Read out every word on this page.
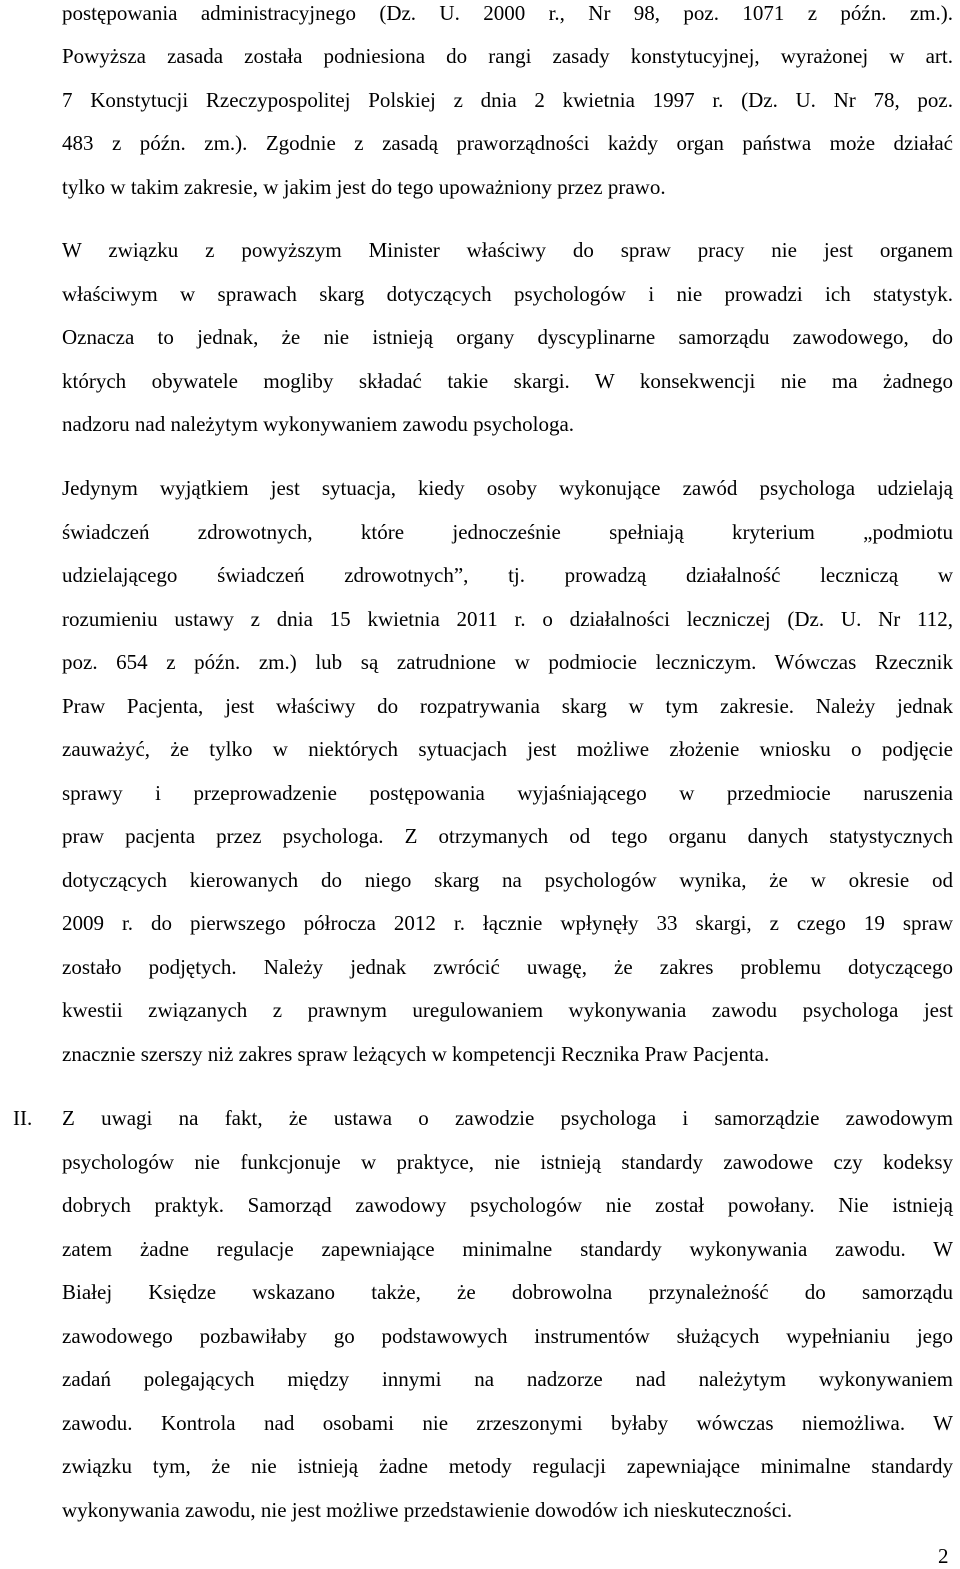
postępowania administracyjnego (Dz. U. 2000 r., Nr 98, poz. 1071 z późn. zm.).
Powyższa zasada została podniesiona do rangi zasady konstytucyjnej, wyrażonej w art.
7 Konstytucji Rzeczypospolitej Polskiej z dnia 2 kwietnia 1997 r. (Dz. U. Nr 78, poz.
483 z późn. zm.). Zgodnie z zasadą praworządności każdy organ państwa może działać
tylko w takim zakresie, w jakim jest do tego upoważniony przez prawo.
W związku z powyższym Minister właściwy do spraw pracy nie jest organem
właściwym w sprawach skarg dotyczących psychologów i nie prowadzi ich statystyk.
Oznacza to jednak, że nie istnieją organy dyscyplinarne samorządu zawodowego, do
których obywatele mogliby składać takie skargi. W konsekwencji nie ma żadnego
nadzoru nad należytym wykonywaniem zawodu psychologa.
Jedynym wyjątkiem jest sytuacja, kiedy osoby wykonujące zawód psychologa udzielają
świadczeń zdrowotnych, które jednocześnie spełniają kryterium „podmiotu
udzielającego świadczeń zdrowotnych”, tj. prowadzą działalność leczniczą w
rozumieniu ustawy z dnia 15 kwietnia 2011 r. o działalności leczniczej (Dz. U. Nr 112,
poz. 654 z późn. zm.) lub są zatrudnione w podmiocie leczniczym. Wówczas Rzecznik
Praw Pacjenta, jest właściwy do rozpatrywania skarg w tym zakresie. Należy jednak
zauważyć, że tylko w niektórych sytuacjach jest możliwe złożenie wniosku o podjęcie
sprawy i przeprowadzenie postępowania wyjaśniającego w przedmiocie naruszenia
praw pacjenta przez psychologa. Z otrzymanych od tego organu danych statystycznych
dotyczących kierowanych do niego skarg na psychologów wynika, że w okresie od
2009 r. do pierwszego półrocza 2012 r. łącznie wpłynęły 33 skargi, z czego 19 spraw
zostało podjętych. Należy jednak zwrócić uwagę, że zakres problemu dotyczącego
kwestii związanych z prawnym uregulowaniem wykonywania zawodu psychologa jest
znacznie szerszy niż zakres spraw leżących w kompetencji Recznika Praw Pacjenta.
II. Z uwagi na fakt, że ustawa o zawodzie psychologa i samorządzie zawodowym
psychologów nie funkcjonuje w praktyce, nie istnieją standardy zawodowe czy kodeksy
dobrych praktyk. Samorząd zawodowy psychologów nie został powołany. Nie istnieją
zatem żadne regulacje zapewniające minimalne standardy wykonywania zawodu. W
Białej Księdze wskazano także, że dobrowolna przynależność do samorządu
zawodowego pozbawiłaby go podstawowych instrumentów służących wypełnianiu jego
zadań polegających między innymi na nadzorze nad należytym wykonywaniem
zawodu. Kontrola nad osobami nie zrzeszonymi byłaby wówczas niemożliwa. W
związku tym, że nie istnieją żadne metody regulacji zapewniające minimalne standardy
wykonywania zawodu, nie jest możliwe przedstawienie dowodów ich nieskuteczności.
2
